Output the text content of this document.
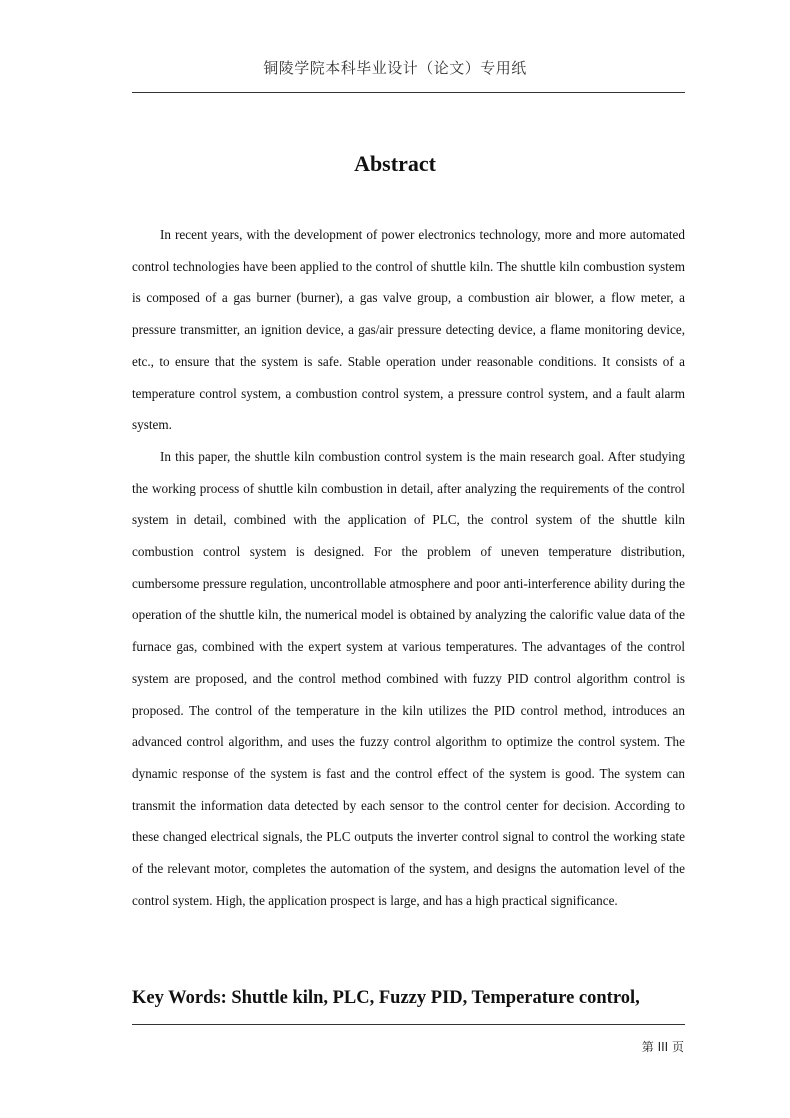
铜陵学院本科毕业设计（论文）专用纸
Abstract

In recent years, with the development of power electronics technology, more and more automated control technologies have been applied to the control of shuttle kiln. The shuttle kiln combustion system is composed of a gas burner (burner), a gas valve group, a combustion air blower, a flow meter, a pressure transmitter, an ignition device, a gas/air pressure detecting device, a flame monitoring device, etc., to ensure that the system is safe. Stable operation under reasonable conditions. It consists of a temperature control system, a combustion control system, a pressure control system, and a fault alarm system.

In this paper, the shuttle kiln combustion control system is the main research goal. After studying the working process of shuttle kiln combustion in detail, after analyzing the requirements of the control system in detail, combined with the application of PLC, the control system of the shuttle kiln combustion control system is designed. For the problem of uneven temperature distribution, cumbersome pressure regulation, uncontrollable atmosphere and poor anti-interference ability during the operation of the shuttle kiln, the numerical model is obtained by analyzing the calorific value data of the furnace gas, combined with the expert system at various temperatures. The advantages of the control system are proposed, and the control method combined with fuzzy PID control algorithm control is proposed. The control of the temperature in the kiln utilizes the PID control method, introduces an advanced control algorithm, and uses the fuzzy control algorithm to optimize the control system. The dynamic response of the system is fast and the control effect of the system is good. The system can transmit the information data detected by each sensor to the control center for decision. According to these changed electrical signals, the PLC outputs the inverter control signal to control the working state of the relevant motor, completes the automation of the system, and designs the automation level of the control system. High, the application prospect is large, and has a high practical significance.

Key Words: Shuttle kiln, PLC, Fuzzy PID, Temperature control,
第 III 页
